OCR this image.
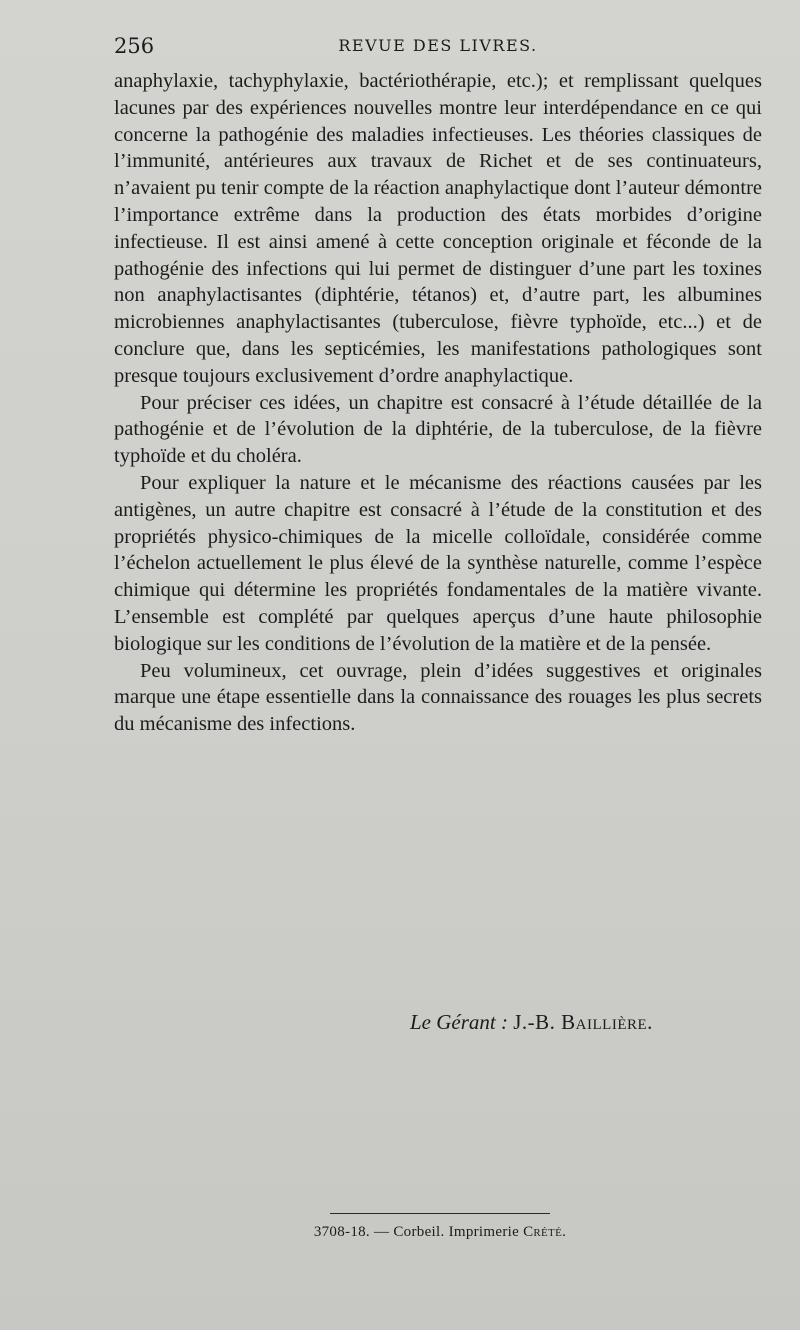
256	REVUE DES LIVRES.

anaphylaxie, tachyphylaxie, bactériothérapie, etc.); et remplissant quelques lacunes par des expériences nouvelles montre leur interdépendance en ce qui concerne la pathogénie des maladies infectieuses. Les théories classiques de l’immunité, antérieures aux travaux de Richet et de ses continuateurs, n’avaient pu tenir compte de la réaction anaphylactique dont l’auteur démontre l’importance extrême dans la production des états morbides d’origine infectieuse. Il est ainsi amené à cette conception originale et féconde de la pathogénie des infections qui lui permet de distinguer d’une part les toxines non anaphylactisantes (diphtérie, tétanos) et, d’autre part, les albumines microbiennes anaphylactisantes (tuberculose, fièvre typhoïde, etc...) et de conclure que, dans les septicémies, les manifestations pathologiques sont presque toujours exclusivement d’ordre anaphylactique.

Pour préciser ces idées, un chapitre est consacré à l’étude détaillée de la pathogénie et de l’évolution de la diphtérie, de la tuberculose, de la fièvre typhoïde et du choléra.

Pour expliquer la nature et le mécanisme des réactions causées par les antigènes, un autre chapitre est consacré à l’étude de la constitution et des propriétés physico-chimiques de la micelle colloïdale, considérée comme l’échelon actuellement le plus élevé de la synthèse naturelle, comme l’espèce chimique qui détermine les propriétés fondamentales de la matière vivante. L’ensemble est complété par quelques aperçus d’une haute philosophie biologique sur les conditions de l’évolution de la matière et de la pensée.

Peu volumineux, cet ouvrage, plein d’idées suggestives et originales marque une étape essentielle dans la connaissance des rouages les plus secrets du mécanisme des infections.

Le Gérant : J.-B. Baillière.
3708-18. — Corbeil. Imprimerie Crété.
